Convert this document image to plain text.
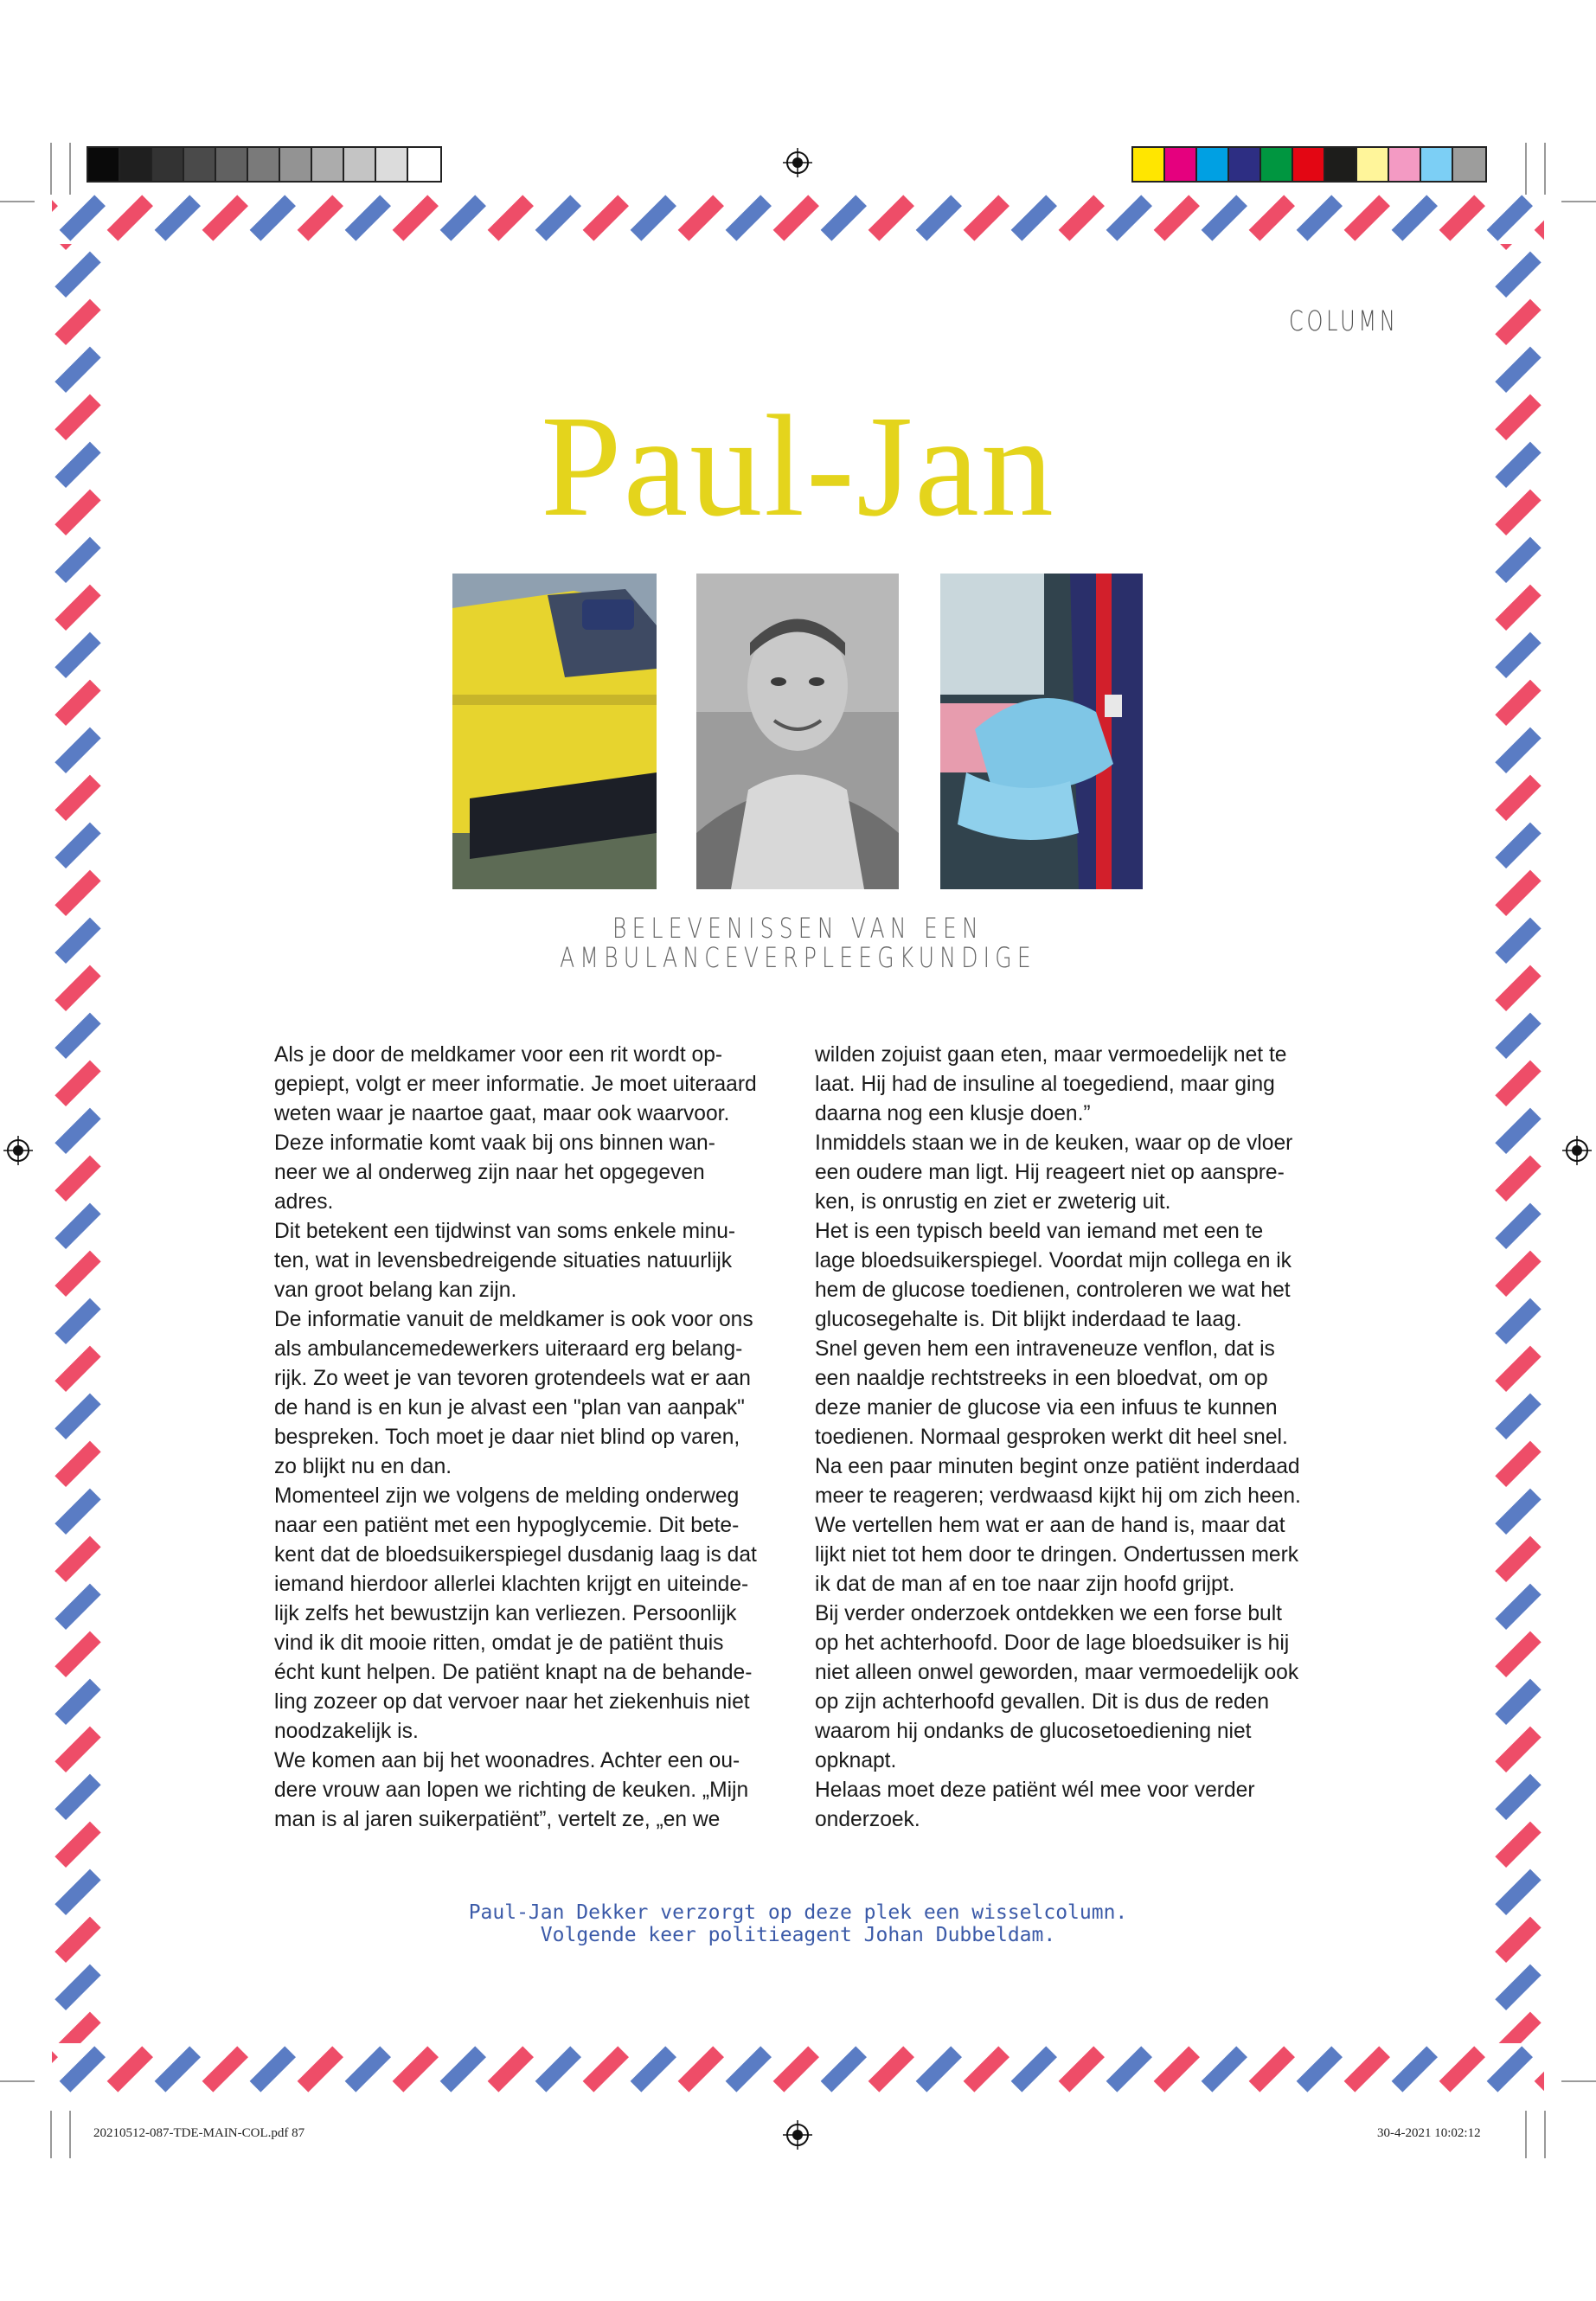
COLUMN
Paul-Jan
BELEVENISSEN VAN EEN
AMBULANCEVERPLEEGKUNDIGE

Als je door de meldkamer voor een rit wordt op-

gepiept, volgt er meer informatie. Je moet uiteraard

weten waar je naartoe gaat, maar ook waarvoor.

Deze informatie komt vaak bij ons binnen wan-

neer we al onderweg zijn naar het opgegeven

adres.

Dit betekent een tijdwinst van soms enkele minu-

ten, wat in levensbedreigende situaties natuurlijk

van groot belang kan zijn.

De informatie vanuit de meldkamer is ook voor ons

als ambulancemedewerkers uiteraard erg belang-

rijk. Zo weet je van tevoren grotendeels wat er aan

de hand is en kun je alvast een "plan van aanpak"

bespreken. Toch moet je daar niet blind op varen,

zo blijkt nu en dan.

Momenteel zijn we volgens de melding onderweg

naar een patiënt met een hypoglycemie. Dit bete-

kent dat de bloedsuikerspiegel dusdanig laag is dat

iemand hierdoor allerlei klachten krijgt en uiteinde-

lijk zelfs het bewustzijn kan verliezen. Persoonlijk

vind ik dit mooie ritten, omdat je de patiënt thuis

écht kunt helpen. De patiënt knapt na de behande-

ling zozeer op dat vervoer naar het ziekenhuis niet

noodzakelijk is.

We komen aan bij het woonadres. Achter een ou-

dere vrouw aan lopen we richting de keuken. „Mijn

man is al jaren suikerpatiënt”, vertelt ze, „en we

wilden zojuist gaan eten, maar vermoedelijk net te

laat. Hij had de insuline al toegediend, maar ging

daarna nog een klusje doen.”

Inmiddels staan we in de keuken, waar op de vloer

een oudere man ligt. Hij reageert niet op aanspre-

ken, is onrustig en ziet er zweterig uit.

Het is een typisch beeld van iemand met een te

lage bloedsuikerspiegel. Voordat mijn collega en ik

hem de glucose toedienen, controleren we wat het

glucosegehalte is. Dit blijkt inderdaad te laag.

Snel geven hem een intraveneuze venflon, dat is

een naaldje rechtstreeks in een bloedvat, om op

deze manier de glucose via een infuus te kunnen

toedienen. Normaal gesproken werkt dit heel snel.

Na een paar minuten begint onze patiënt inderdaad

meer te reageren; verdwaasd kijkt hij om zich heen.

We vertellen hem wat er aan de hand is, maar dat

lijkt niet tot hem door te dringen. Ondertussen merk

ik dat de man af en toe naar zijn hoofd grijpt.

Bij verder onderzoek ontdekken we een forse bult

op het achterhoofd. Door de lage bloedsuiker is hij

niet alleen onwel geworden, maar vermoedelijk ook

op zijn achterhoofd gevallen. Dit is dus de reden

waarom hij ondanks de glucosetoediening niet

opknapt.

Helaas moet deze patiënt wél mee voor verder

onderzoek.

Paul-Jan Dekker verzorgt op deze plek een wisselcolumn.
Volgende keer politieagent Johan Dubbeldam.
20210512-087-TDE-MAIN-COL.pdf 87	30-4-2021 10:02:12
